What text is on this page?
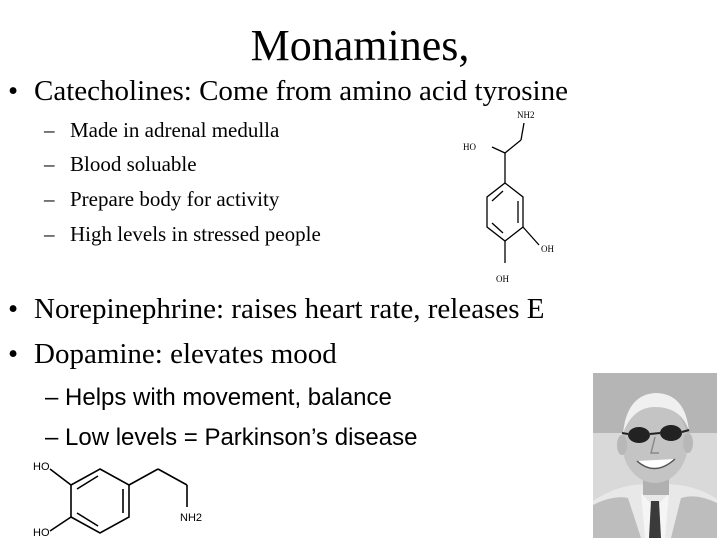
Monamines,
• Catecholines: Come from amino acid tyrosine
– Made in adrenal medulla
– Blood soluable
– Prepare body for activity
– High levels in stressed people
NH2
HO
OH
OH
• Norepinephrine: raises heart rate, releases E
• Dopamine: elevates mood
– Helps with movement, balance
– Low levels = Parkinson’s disease
HO
HO
NH2
